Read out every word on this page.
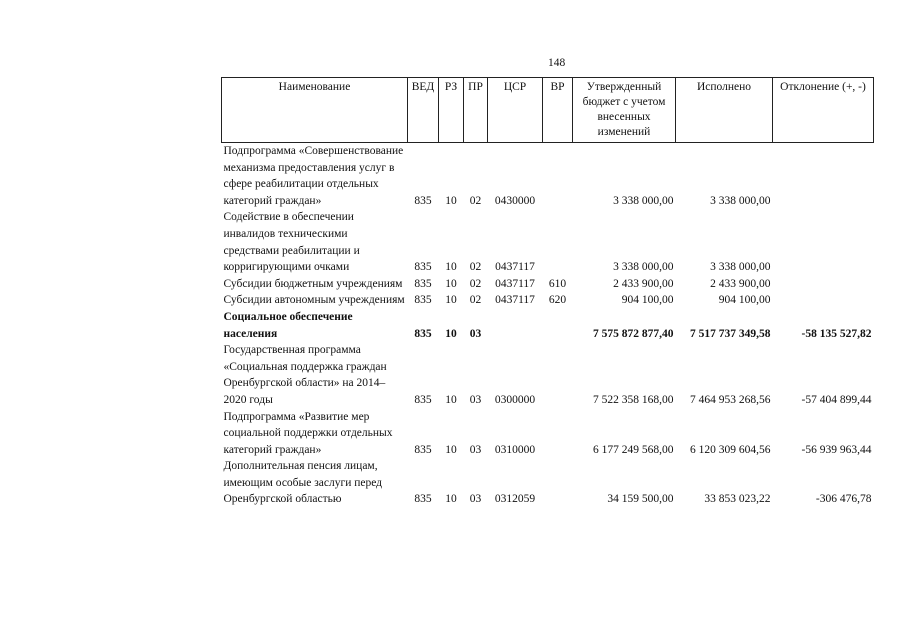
148
Наименование	ВЕД	РЗ	ПР	ЦСР	ВР	Утвержденный бюджет с учетом внесенных изменений	Исполнено	Отклонение (+, -)
Подпрограмма «Совершенствование механизма предоставления услуг в сфере реабилитации отдельных категорий граждан»	835	10	02	0430000		3 338 000,00	3 338 000,00	
Содействие в обеспечении инвалидов техническими средствами реабилитации и корригирующими очками	835	10	02	0437117		3 338 000,00	3 338 000,00	
Субсидии бюджетным учреждениям	835	10	02	0437117	610	2 433 900,00	2 433 900,00	
Субсидии автономным учреждениям	835	10	02	0437117	620	904 100,00	904 100,00	
Социальное обеспечение населения	835	10	03			7 575 872 877,40	7 517 737 349,58	-58 135 527,82
Государственная программа «Социальная поддержка граждан Оренбургской области» на 2014–2020 годы	835	10	03	0300000		7 522 358 168,00	7 464 953 268,56	-57 404 899,44
Подпрограмма «Развитие мер социальной поддержки отдельных категорий граждан»	835	10	03	0310000		6 177 249 568,00	6 120 309 604,56	-56 939 963,44
Дополнительная пенсия лицам, имеющим особые заслуги перед Оренбургской областью	835	10	03	0312059		34 159 500,00	33 853 023,22	-306 476,78
